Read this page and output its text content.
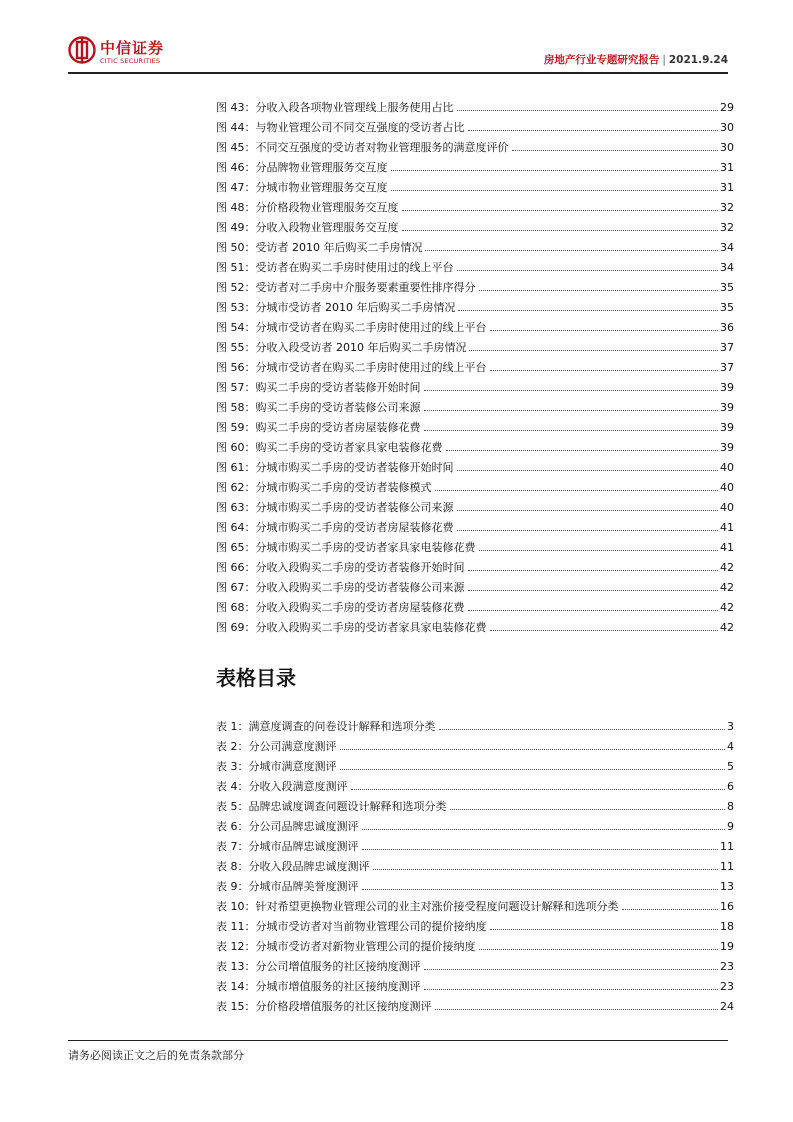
中信证券
CITIC SECURITIES	房地产行业专题研究报告 | 2021.9.24
图 43：分收入段各项物业管理线上服务使用占比	29
图 44：与物业管理公司不同交互强度的受访者占比	30
图 45：不同交互强度的受访者对物业管理服务的满意度评价	30
图 46：分品牌物业管理服务交互度	31
图 47：分城市物业管理服务交互度	31
图 48：分价格段物业管理服务交互度	32
图 49：分收入段物业管理服务交互度	32
图 50：受访者 2010 年后购买二手房情况	34
图 51：受访者在购买二手房时使用过的线上平台	34
图 52：受访者对二手房中介服务要素重要性排序得分	35
图 53：分城市受访者 2010 年后购买二手房情况	35
图 54：分城市受访者在购买二手房时使用过的线上平台	36
图 55：分收入段受访者 2010 年后购买二手房情况	37
图 56：分城市受访者在购买二手房时使用过的线上平台	37
图 57：购买二手房的受访者装修开始时间	39
图 58：购买二手房的受访者装修公司来源	39
图 59：购买二手房的受访者房屋装修花费	39
图 60：购买二手房的受访者家具家电装修花费	39
图 61：分城市购买二手房的受访者装修开始时间	40
图 62：分城市购买二手房的受访者装修模式	40
图 63：分城市购买二手房的受访者装修公司来源	40
图 64：分城市购买二手房的受访者房屋装修花费	41
图 65：分城市购买二手房的受访者家具家电装修花费	41
图 66：分收入段购买二手房的受访者装修开始时间	42
图 67：分收入段购买二手房的受访者装修公司来源	42
图 68：分收入段购买二手房的受访者房屋装修花费	42
图 69：分收入段购买二手房的受访者家具家电装修花费	42
表格目录
表 1：满意度调查的问卷设计解释和选项分类	3
表 2：分公司满意度测评	4
表 3：分城市满意度测评	5
表 4：分收入段满意度测评	6
表 5：品牌忠诚度调查问题设计解释和选项分类	8
表 6：分公司品牌忠诚度测评	9
表 7：分城市品牌忠诚度测评	11
表 8：分收入段品牌忠诚度测评	11
表 9：分城市品牌美誉度测评	13
表 10：针对希望更换物业管理公司的业主对涨价接受程度问题设计解释和选项分类	16
表 11：分城市受访者对当前物业管理公司的提价接纳度	18
表 12：分城市受访者对新物业管理公司的提价接纳度	19
表 13：分公司增值服务的社区接纳度测评	23
表 14：分城市增值服务的社区接纳度测评	23
表 15：分价格段增值服务的社区接纳度测评	24
请务必阅读正文之后的免责条款部分
